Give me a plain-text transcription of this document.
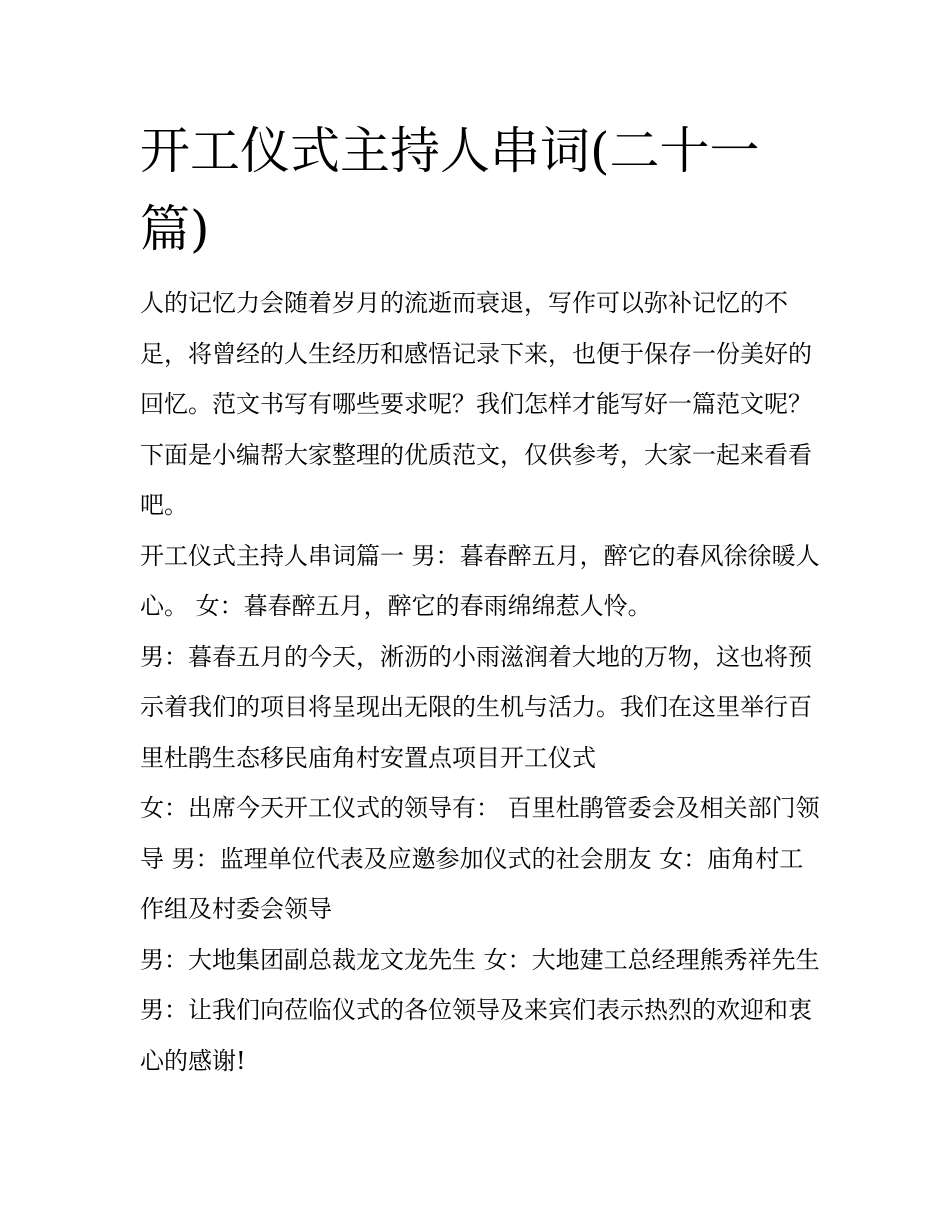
开工仪式主持人串词(二十一篇)

人的记忆力会随着岁月的流逝而衰退，写作可以弥补记忆的不足，将曾经的人生经历和感悟记录下来，也便于保存一份美好的回忆。范文书写有哪些要求呢？我们怎样才能写好一篇范文呢？下面是小编帮大家整理的优质范文，仅供参考，大家一起来看看吧。

开工仪式主持人串词篇一 男：暮春醉五月，醉它的春风徐徐暖人心。 女：暮春醉五月，醉它的春雨绵绵惹人怜。

男：暮春五月的今天，淅沥的小雨滋润着大地的万物，这也将预示着我们的项目将呈现出无限的生机与活力。我们在这里举行百里杜鹃生态移民庙角村安置点项目开工仪式

女：出席今天开工仪式的领导有： 百里杜鹃管委会及相关部门领导 男：监理单位代表及应邀参加仪式的社会朋友 女：庙角村工作组及村委会领导

男：大地集团副总裁龙文龙先生 女：大地建工总经理熊秀祥先生 男：让我们向莅临仪式的各位领导及来宾们表示热烈的欢迎和衷心的感谢!
